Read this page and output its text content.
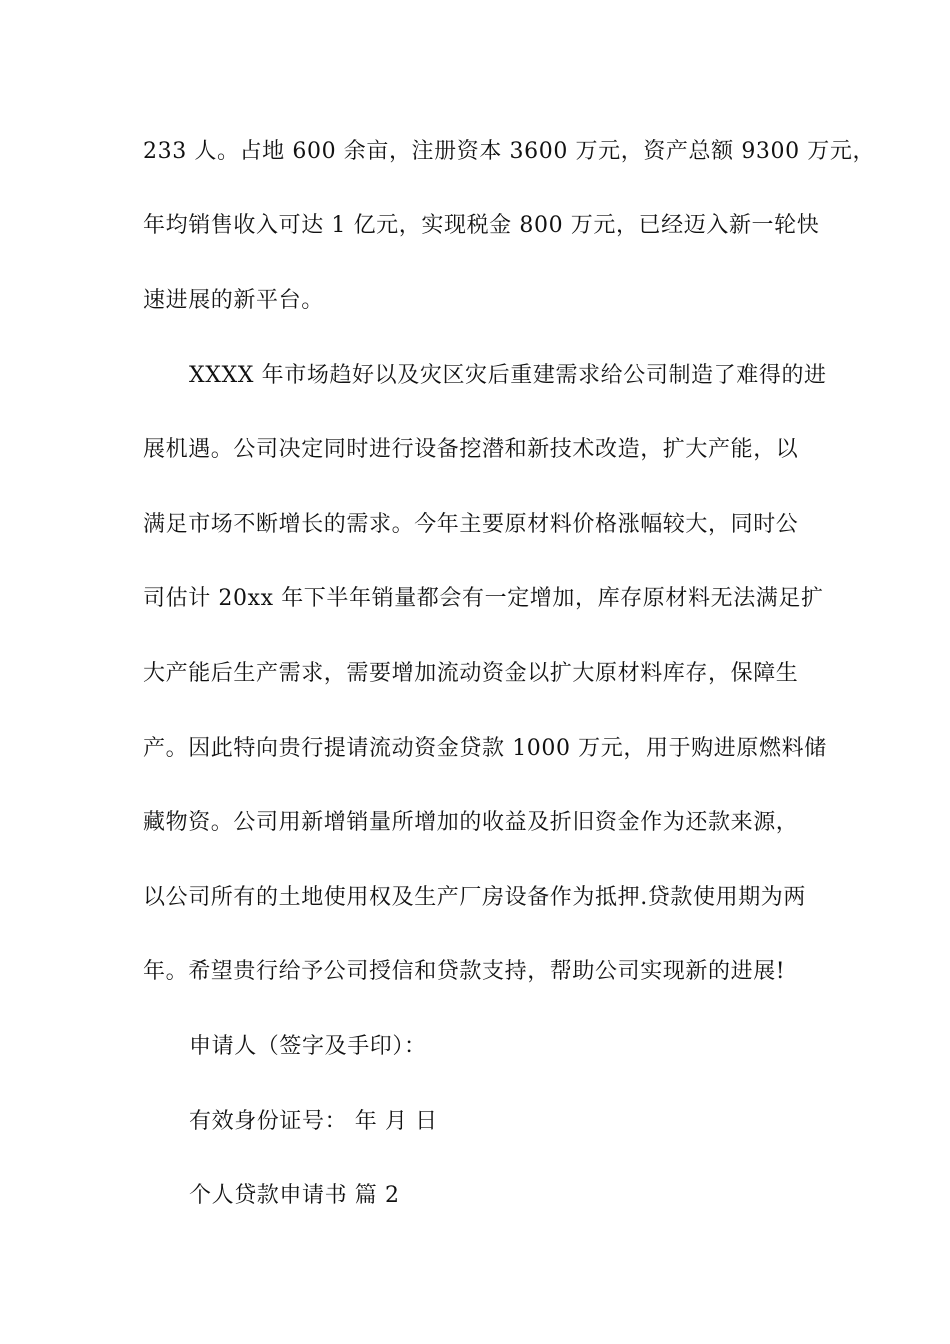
233 人。占地 600 余亩，注册资本 3600 万元，资产总额 9300 万元，
年均销售收入可达 1 亿元，实现税金 800 万元，已经迈入新一轮快
速进展的新平台。
XXXX 年市场趋好以及灾区灾后重建需求给公司制造了难得的进
展机遇。公司决定同时进行设备挖潜和新技术改造，扩大产能，以
满足市场不断增长的需求。今年主要原材料价格涨幅较大，同时公
司估计 20xx 年下半年销量都会有一定增加，库存原材料无法满足扩
大产能后生产需求，需要增加流动资金以扩大原材料库存，保障生
产。因此特向贵行提请流动资金贷款 1000 万元，用于购进原燃料储
藏物资。公司用新增销量所增加的收益及折旧资金作为还款来源，
以公司所有的土地使用权及生产厂房设备作为抵押.贷款使用期为两
年。希望贵行给予公司授信和贷款支持，帮助公司实现新的进展!
申请人（签字及手印）：
有效身份证号： 年 月 日
个人贷款申请书 篇 2
